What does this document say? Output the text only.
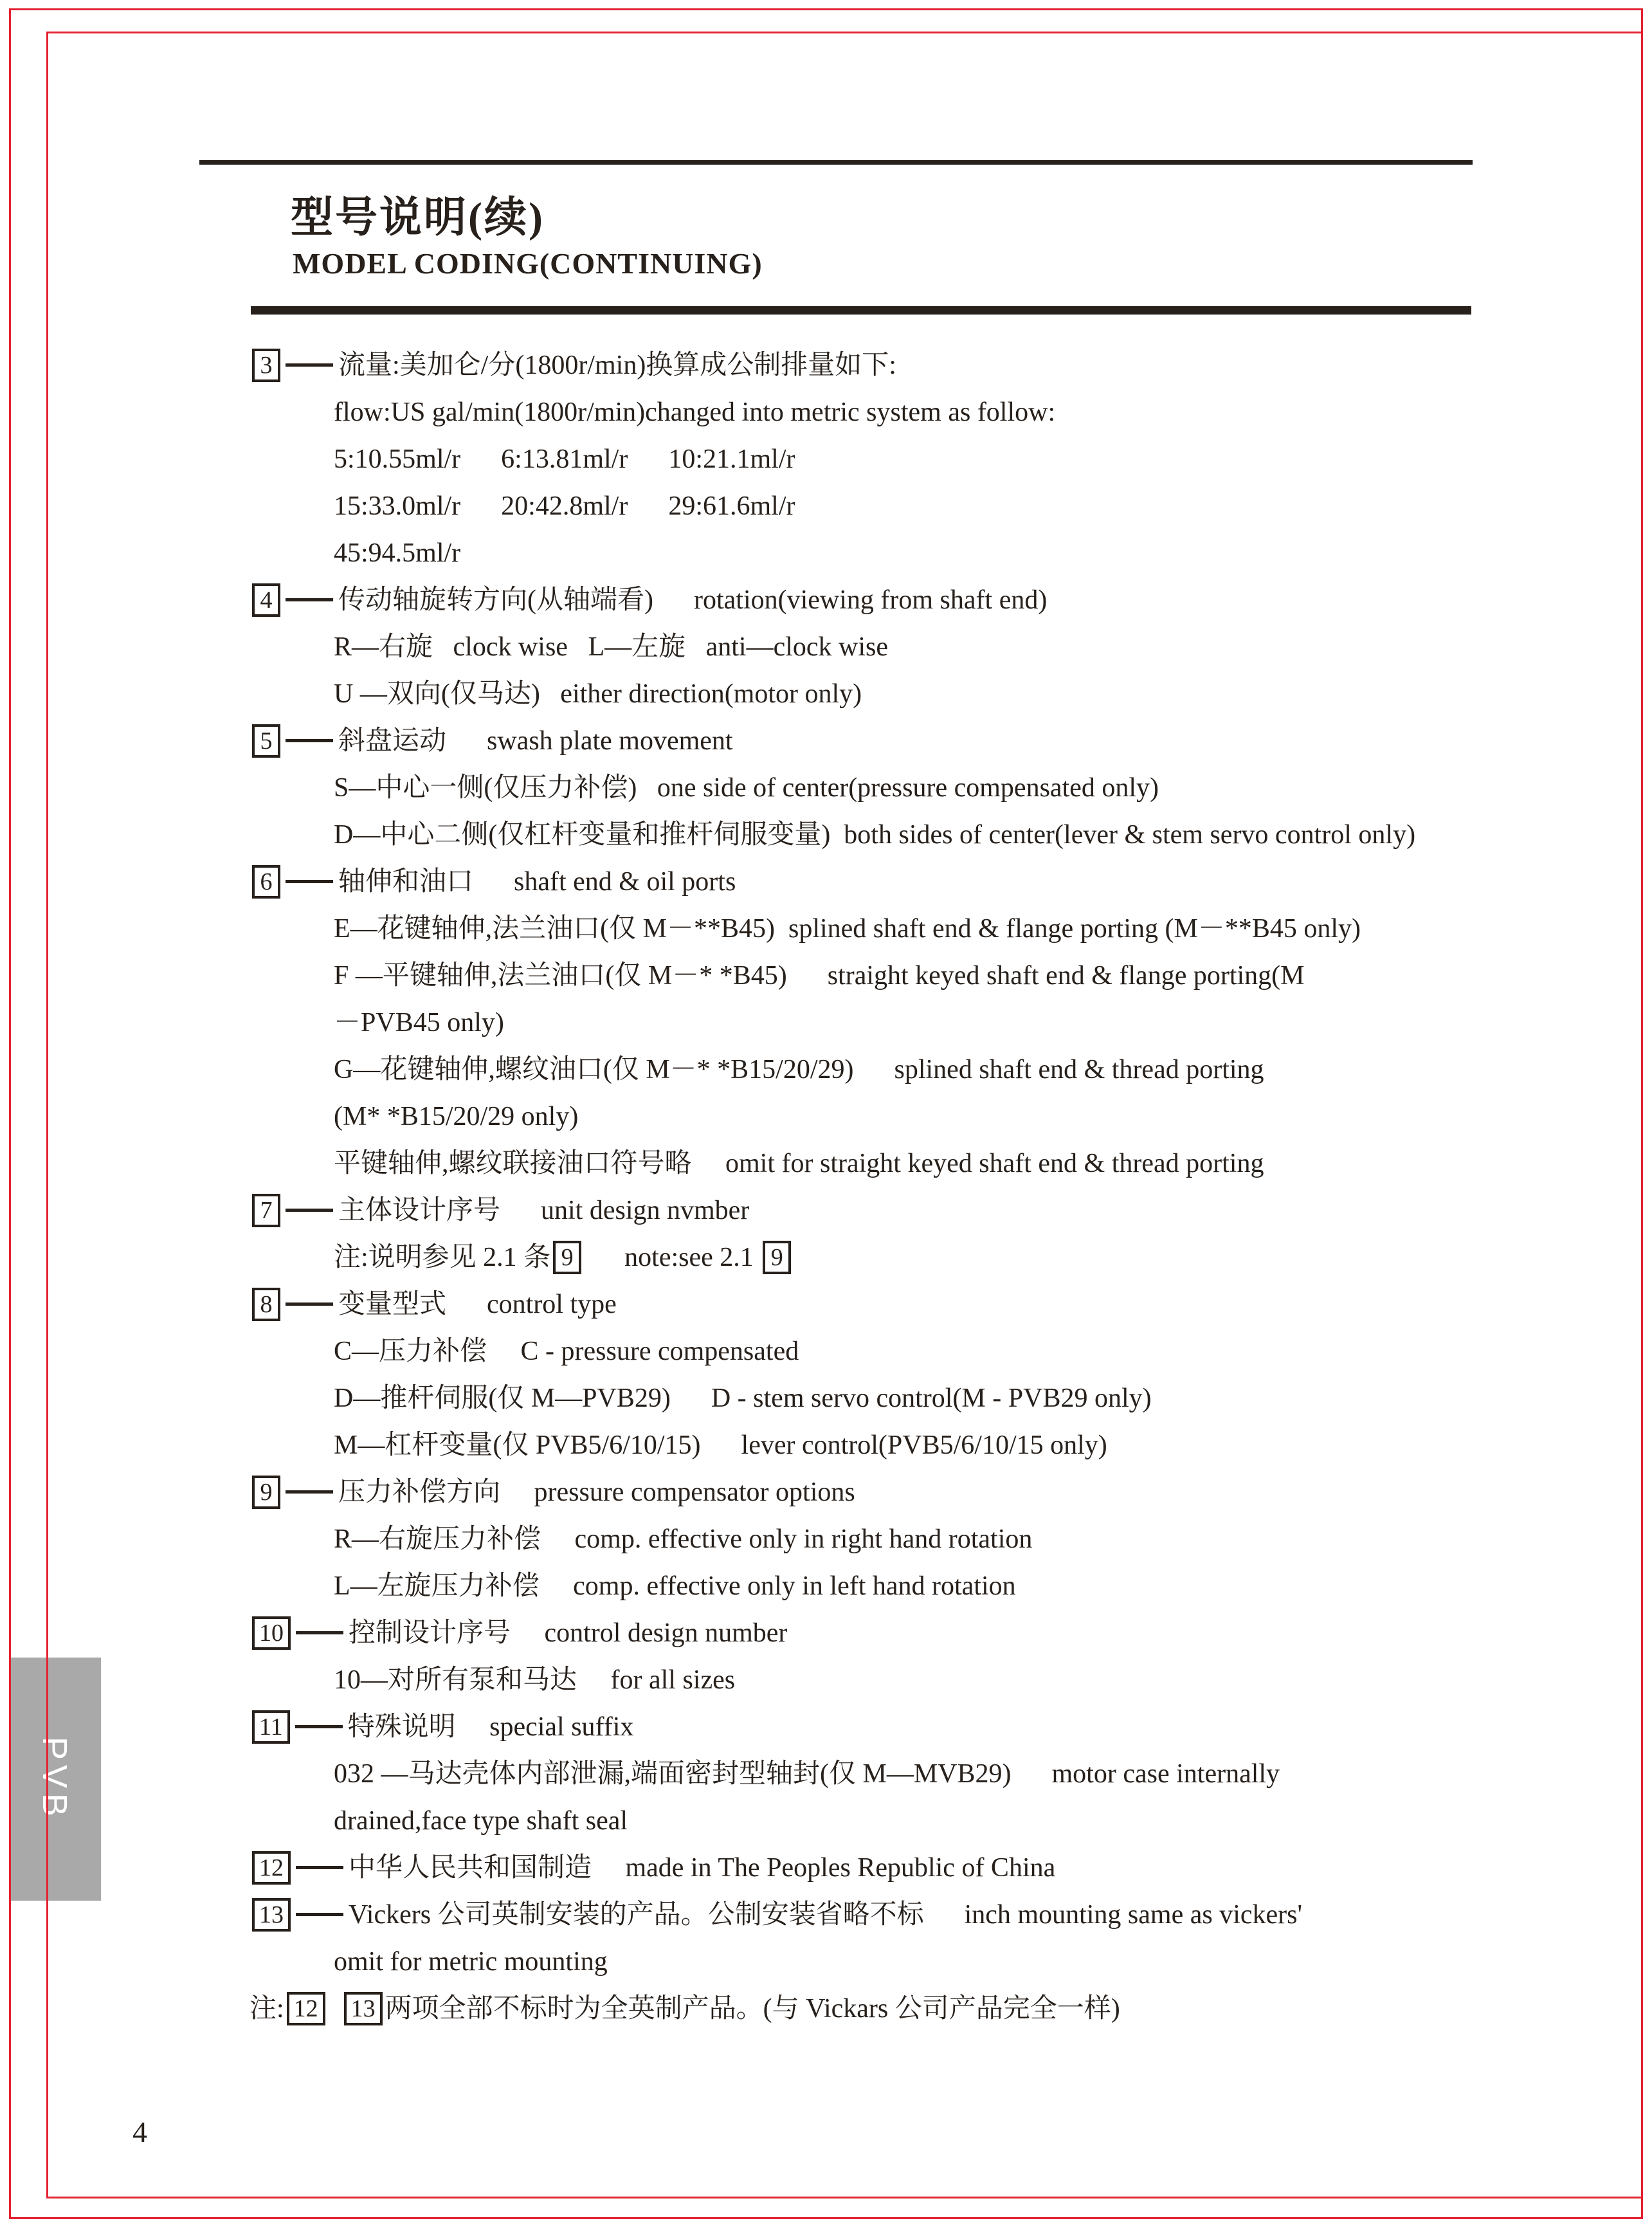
PVB
型号说明(续)
MODEL CODING(CONTINUING)
3 流量:美加仑/分(1800r/min)换算成公制排量如下:
flow:US gal/min(1800r/min)changed into metric system as follow:
5:10.55ml/r      6:13.81ml/r      10:21.1ml/r
15:33.0ml/r      20:42.8ml/r      29:61.6ml/r
45:94.5ml/r
4 传动轴旋转方向(从轴端看)      rotation(viewing from shaft end)
R—右旋   clock wise   L—左旋   anti—clock wise
U —双向(仅马达)   either direction(motor only)
5 斜盘运动      swash plate movement
S—中心一侧(仅压力补偿)   one side of center(pressure compensated only)
D—中心二侧(仅杠杆变量和推杆伺服变量)  both sides of center(lever & stem servo control only)
6 轴伸和油口      shaft end & oil ports
E—花键轴伸,法兰油口(仅 M－**B45)  splined shaft end & flange porting (M－**B45 only)
F —平键轴伸,法兰油口(仅 M－* *B45)      straight keyed shaft end & flange porting(M
－PVB45 only)
G—花键轴伸,螺纹油口(仅 M－* *B15/20/29)      splined shaft end & thread porting
(M* *B15/20/29 only)
平键轴伸,螺纹联接油口符号略     omit for straight keyed shaft end & thread porting
7 主体设计序号      unit design nvmber
注:说明参见 2.1 条 9 note:see 2.1 9
8 变量型式      control type
C—压力补偿     C - pressure compensated
D—推杆伺服(仅 M—PVB29)      D - stem servo control(M - PVB29 only)
M—杠杆变量(仅 PVB5/6/10/15)      lever control(PVB5/6/10/15 only)
9 压力补偿方向     pressure compensator options
R—右旋压力补偿     comp. effective only in right hand rotation
L—左旋压力补偿     comp. effective only in left hand rotation
10 控制设计序号     control design number
10—对所有泵和马达     for all sizes
11 特殊说明     special suffix
032 —马达壳体内部泄漏,端面密封型轴封(仅 M—MVB29)      motor case internally
drained,face type shaft seal
12 中华人民共和国制造     made in The Peoples Republic of China
13 Vickers 公司英制安装的产品。公制安装省略不标      inch mounting same as vickers'
omit for metric mounting
注: 12
13 两项全部不标时为全英制产品。(与 Vickars 公司产品完全一样)
4
